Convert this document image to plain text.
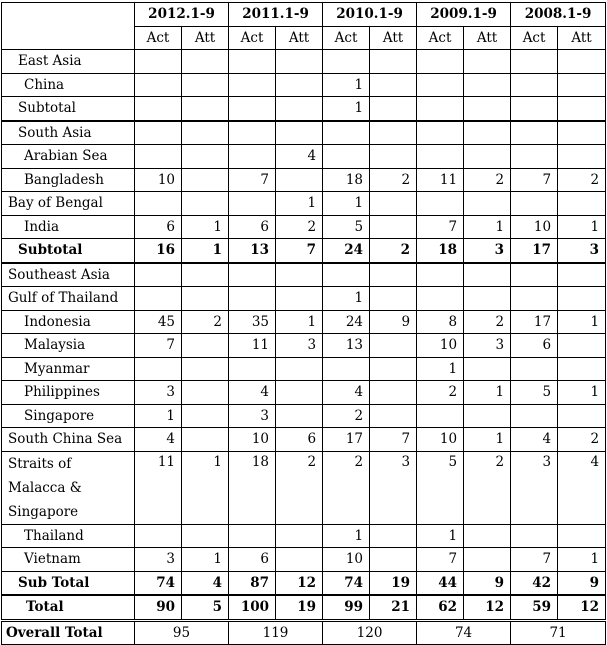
	2012.1-9		2011.1-9		2010.1-9		2009.1-9		2008.1-9	
	Act	Att	Act	Att	Act	Att	Act	Att	Act	Att
East Asia										
China					1					
Subtotal					1					
South Asia										
Arabian Sea				4						
Bangladesh	10		7		18	2	11	2	7	2
Bay of Bengal				1	1					
India	6	1	6	2	5		7	1	10	1
Subtotal	16	1	13	7	24	2	18	3	17	3
Southeast Asia										
Gulf of Thailand					1					
Indonesia	45	2	35	1	24	9	8	2	17	1
Malaysia	7		11	3	13		10	3	6	
Myanmar							1			
Philippines	3		4		4		2	1	5	1
Singapore	1		3		2					
South China Sea	4		10	6	17	7	10	1	4	2
Straits of Malacca & Singapore	11	1	18	2	2	3	5	2	3	4
Thailand					1		1			
Vietnam	3	1	6		10		7		7	1
Sub Total	74	4	87	12	74	19	44	9	42	9
Total	90	5	100	19	99	21	62	12	59	12
Overall Total	95		119		120		74		71	
